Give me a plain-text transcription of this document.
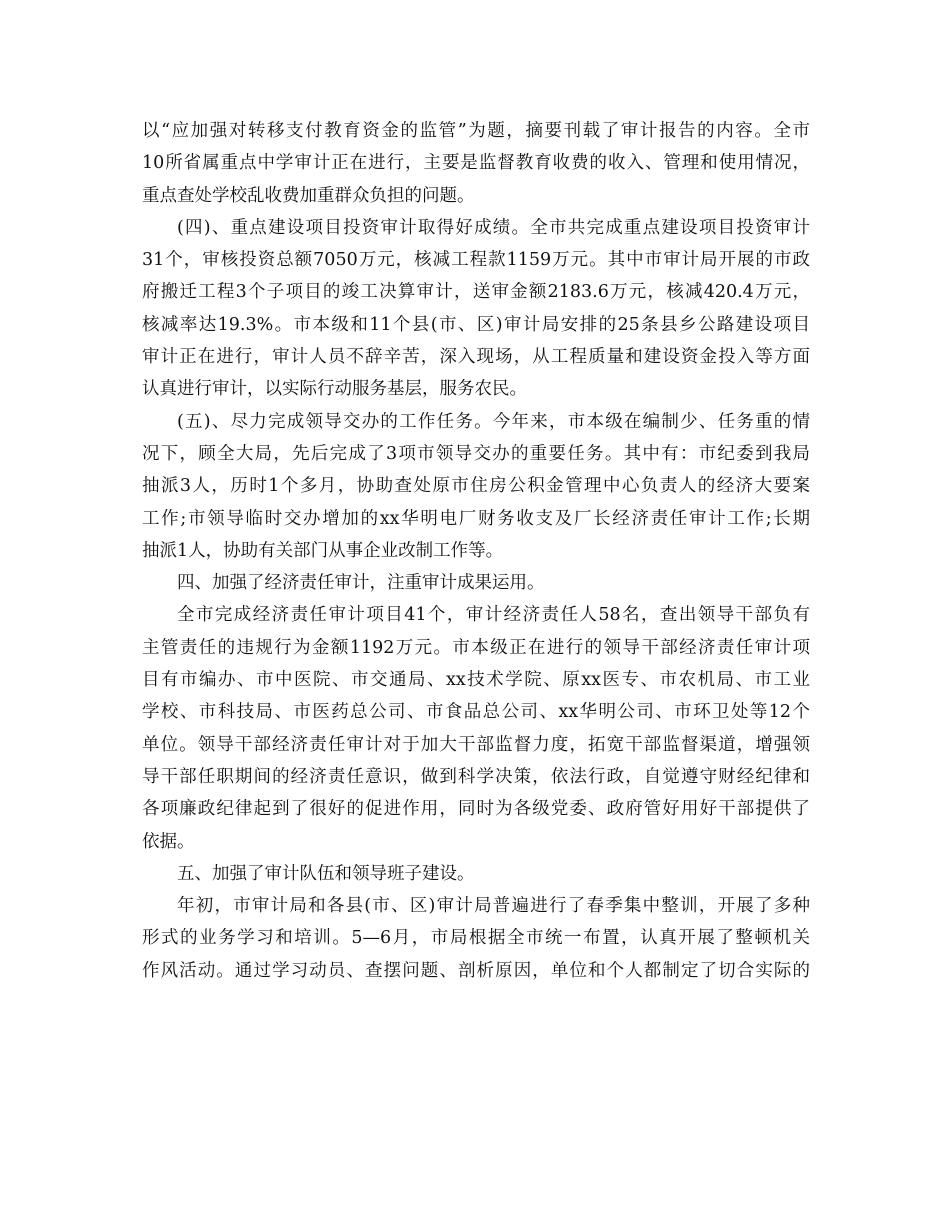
以“应加强对转移支付教育资金的监管”为题，摘要刊载了审计报告的内容。全市
10所省属重点中学审计正在进行，主要是监督教育收费的收入、管理和使用情况，
重点查处学校乱收费加重群众负担的问题。
(四)、重点建设项目投资审计取得好成绩。全市共完成重点建设项目投资审计
31个，审核投资总额7050万元，核减工程款1159万元。其中市审计局开展的市政
府搬迁工程3个子项目的竣工决算审计，送审金额2183.6万元，核减420.4万元，
核减率达19.3%。市本级和11个县(市、区)审计局安排的25条县乡公路建设项目
审计正在进行，审计人员不辞辛苦，深入现场，从工程质量和建设资金投入等方面
认真进行审计，以实际行动服务基层，服务农民。
(五)、尽力完成领导交办的工作任务。今年来，市本级在编制少、任务重的情
况下，顾全大局，先后完成了3项市领导交办的重要任务。其中有：市纪委到我局
抽派3人，历时1个多月，协助查处原市住房公积金管理中心负责人的经济大要案
工作;市领导临时交办增加的xx华明电厂财务收支及厂长经济责任审计工作;长期
抽派1人，协助有关部门从事企业改制工作等。
四、加强了经济责任审计，注重审计成果运用。
全市完成经济责任审计项目41个，审计经济责任人58名，查出领导干部负有
主管责任的违规行为金额1192万元。市本级正在进行的领导干部经济责任审计项
目有市编办、市中医院、市交通局、xx技术学院、原xx医专、市农机局、市工业
学校、市科技局、市医药总公司、市食品总公司、xx华明公司、市环卫处等12个
单位。领导干部经济责任审计对于加大干部监督力度，拓宽干部监督渠道，增强领
导干部任职期间的经济责任意识，做到科学决策，依法行政，自觉遵守财经纪律和
各项廉政纪律起到了很好的促进作用，同时为各级党委、政府管好用好干部提供了
依据。
五、加强了审计队伍和领导班子建设。
年初，市审计局和各县(市、区)审计局普遍进行了春季集中整训，开展了多种
形式的业务学习和培训。5—6月，市局根据全市统一布置，认真开展了整顿机关
作风活动。通过学习动员、查摆问题、剖析原因，单位和个人都制定了切合实际的
